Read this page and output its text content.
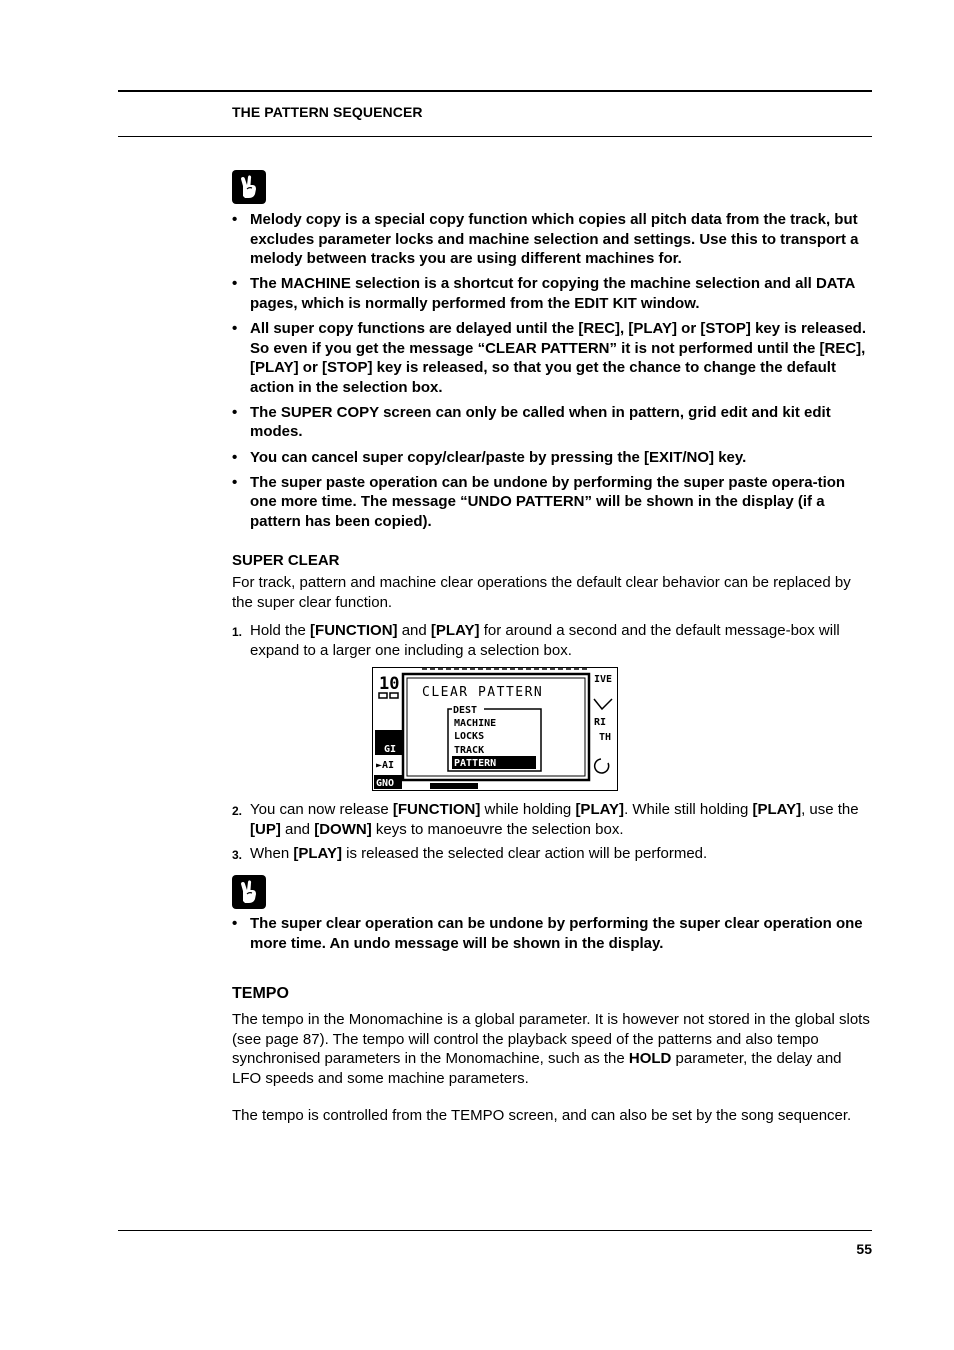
THE PATTERN SEQUENCER
• Melody copy is a special copy function which copies all pitch data from the track, but excludes parameter locks and machine selection and settings. Use this to transport a melody between tracks you are using different machines for.
• The MACHINE selection is a shortcut for copying the machine selection and all DATA pages, which is normally performed from the EDIT KIT window.
• All super copy functions are delayed until the [REC], [PLAY] or [STOP] key is released. So even if you get the message “CLEAR PATTERN” it is not performed until the [REC], [PLAY] or [STOP] key is released, so that you get the chance to change the default action in the selection box.
• The SUPER COPY screen can only be called when in pattern, grid edit and kit edit modes.
• You can cancel super copy/clear/paste by pressing the [EXIT/NO] key.
• The super paste operation can be undone by performing the super paste opera-tion one more time. The message “UNDO PATTERN” will be shown in the display (if a pattern has been copied).
SUPER CLEAR
For track, pattern and machine clear operations the default clear behavior can be replaced by the super clear function.
1. Hold the [FUNCTION] and [PLAY] for around a second and the default message-box will expand to a larger one including a selection box.
10
GI
►AI
GNO
IVE
RI
TH
CLEAR PATTERN
DEST
MACHINE
LOCKS
TRACK
PATTERN
2. You can now release [FUNCTION] while holding [PLAY]. While still holding [PLAY], use the [UP] and [DOWN] keys to manoeuvre the selection box.
3. When [PLAY] is released the selected clear action will be performed.
• The super clear operation can be undone by performing the super clear operation one more time. An undo message will be shown in the display.
TEMPO
The tempo in the Monomachine is a global parameter. It is however not stored in the global slots (see page 87). The tempo will control the playback speed of the patterns and also tempo synchronised parameters in the Monomachine, such as the HOLD parameter, the delay and LFO speeds and some machine parameters.
The tempo is controlled from the TEMPO screen, and can also be set by the song sequencer.
55
